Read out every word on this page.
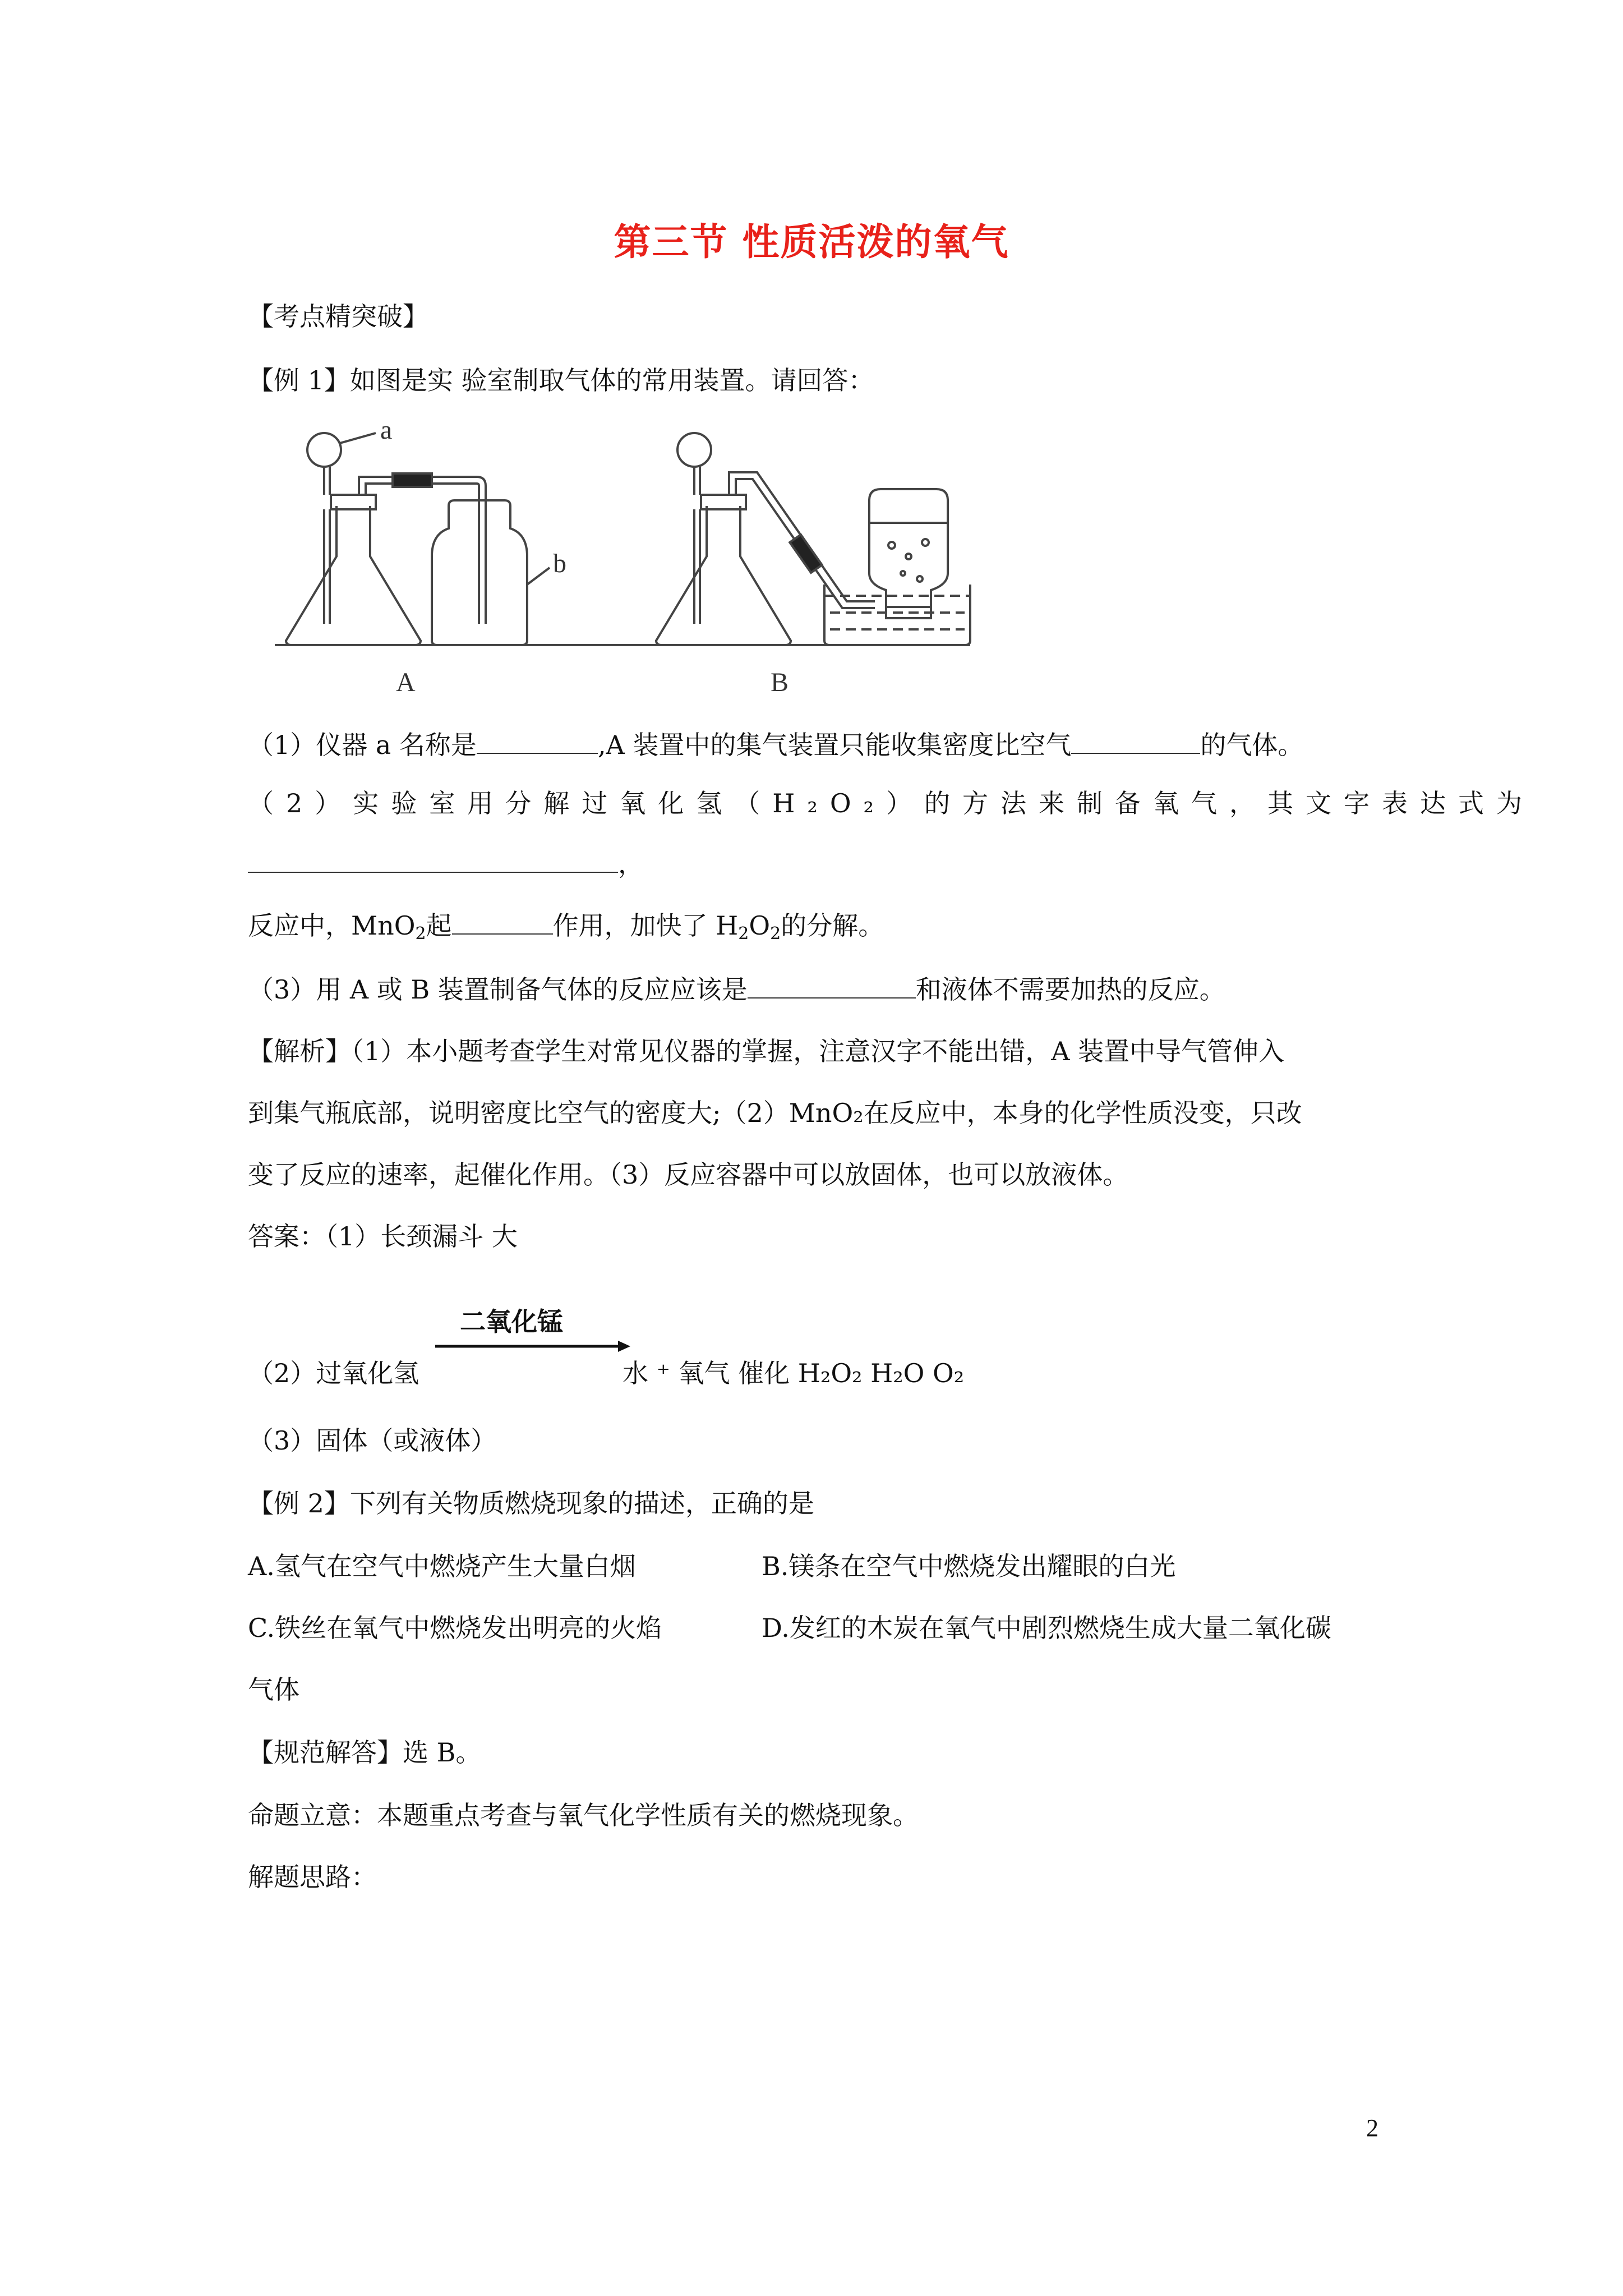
第三节 性质活泼的氧气
【考点精突破】
【例 1】如图是实 验室制取气体的常用装置。请回答：
a
b
A	B
（1）仪器 a 名称是	,A 装置中的集气装置只能收集密度比空气	的气体。
（2）实验室用分解过氧化氢（H₂O₂）的方法来制备氧气，其文字表达式为
，
反应中，MnO$_2$起	作用，加快了 $H_2O_2$的分解。
（3）用 A 或 B 装置制备气体的反应应该是	和液体不需要加热的反应。
【解析】（1）本小题考查学生对常见仪器的掌握，注意汉字不能出错，A 装置中导气管伸入
到集气瓶底部，说明密度比空气的密度大;（2）MnO₂在反应中，本身的化学性质没变，只改
变了反应的速率，起催化作用。（3）反应容器中可以放固体，也可以放液体。
答案：（1）长颈漏斗 大
（2）过氧化氢
二氧化锰
水 ⁺ 氧气 催化 H₂O₂ H₂O O₂
（3）固体（或液体）
【例 2】下列有关物质燃烧现象的描述，正确的是
A.氢气在空气中燃烧产生大量白烟	B.镁条在空气中燃烧发出耀眼的白光
C.铁丝在氧气中燃烧发出明亮的火焰	D.发红的木炭在氧气中剧烈燃烧生成大量二氧化碳
气体
【规范解答】选 B。
命题立意：本题重点考查与氧气化学性质有关的燃烧现象。
解题思路：
2
